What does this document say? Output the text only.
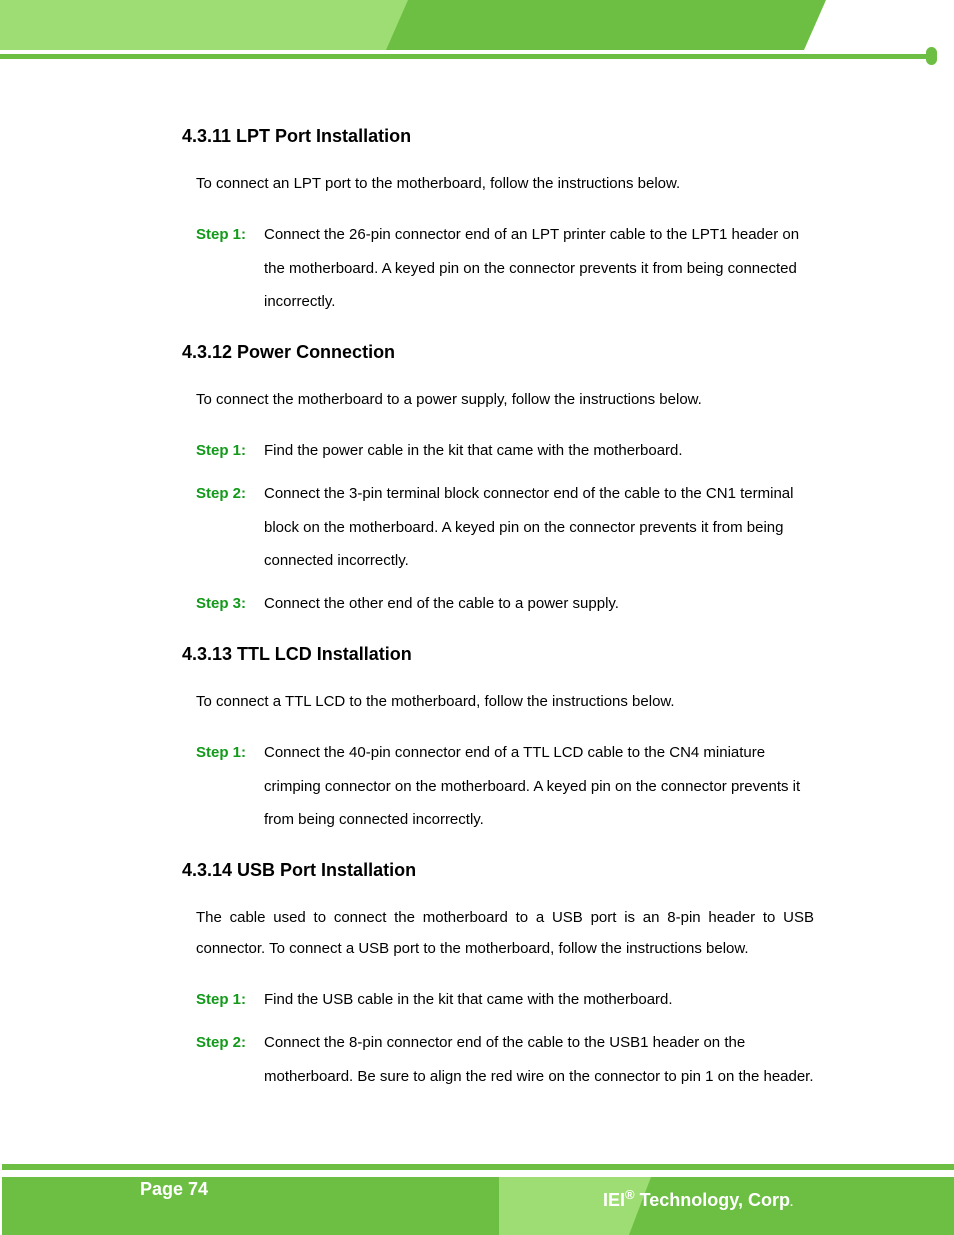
4.3.11 LPT Port Installation

To connect an LPT port to the motherboard, follow the instructions below.

Step 1: Connect the 26-pin connector end of an LPT printer cable to the LPT1 header on the motherboard. A keyed pin on the connector prevents it from being connected incorrectly.

4.3.12 Power Connection

To connect the motherboard to a power supply, follow the instructions below.

Step 1: Find the power cable in the kit that came with the motherboard.

Step 2: Connect the 3-pin terminal block connector end of the cable to the CN1 terminal block on the motherboard. A keyed pin on the connector prevents it from being connected incorrectly.

Step 3: Connect the other end of the cable to a power supply.

4.3.13 TTL LCD Installation

To connect a TTL LCD to the motherboard, follow the instructions below.

Step 1: Connect the 40-pin connector end of a TTL LCD cable to the CN4 miniature crimping connector on the motherboard. A keyed pin on the connector prevents it from being connected incorrectly.

4.3.14 USB Port Installation

The cable used to connect the motherboard to a USB port is an 8-pin header to USB connector. To connect a USB port to the motherboard, follow the instructions below.

Step 1: Find the USB cable in the kit that came with the motherboard.

Step 2: Connect the 8-pin connector end of the cable to the USB1 header on the motherboard. Be sure to align the red wire on the connector to pin 1 on the header.

Page 74
IEI® Technology, Corp.
